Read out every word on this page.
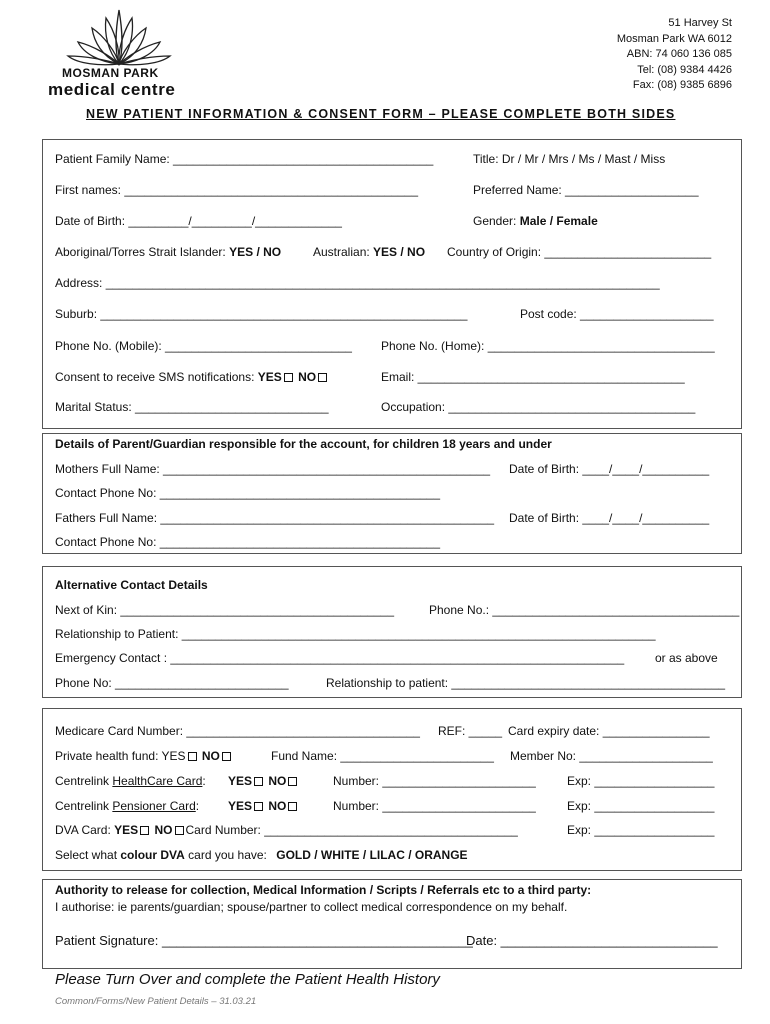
MOSMAN PARK
medical centre
51 Harvey St
Mosman Park WA 6012
ABN: 74 060 136 085
Tel: (08) 9384 4426
Fax: (08) 9385 6896
NEW PATIENT INFORMATION & CONSENT FORM – PLEASE COMPLETE BOTH SIDES
Patient Family Name: _______________________________________	Title: Dr / Mr / Mrs / Ms / Mast / Miss
First names: ____________________________________________	Preferred Name: ____________________
Date of Birth: _________/_________/_____________	Gender: Male / Female
Aboriginal/Torres Strait Islander: YES / NO	Australian: YES / NO Country of Origin: _________________________
Address: ___________________________________________________________________________________
Suburb: _______________________________________________________	Post code: ____________________
Phone No. (Mobile): ____________________________ Phone No. (Home): __________________________________
Consent to receive SMS notifications: YES NO	Email: ________________________________________
Marital Status: _____________________________	Occupation: _____________________________________
Details of Parent/Guardian responsible for the account, for children 18 years and under
Mothers Full Name: _________________________________________________ Date of Birth: ____/____/__________
Contact Phone No: __________________________________________
Fathers Full Name: __________________________________________________ Date of Birth: ____/____/__________
Contact Phone No: __________________________________________
Alternative Contact Details
Next of Kin: _________________________________________	Phone No.: _____________________________________
Relationship to Patient: _______________________________________________________________________
Emergency Contact : ____________________________________________________________________	or as above
Phone No: __________________________	Relationship to patient: _________________________________________
Medicare Card Number: ___________________________________ REF: _____ Card expiry date: ________________
Private health fund: YES NO	Fund Name: _______________________ Member No: ____________________
Centrelink HealthCare Card: YES NO	Number: _______________________	Exp: __________________
Centrelink Pensioner Card: YES NO	Number: _______________________	Exp: __________________
DVA Card: YES NO Card Number: ______________________________________	Exp: __________________
Select what colour DVA card you have: GOLD / WHITE / LILAC / ORANGE
Authority to release for collection, Medical Information / Scripts / Referrals etc to a third party:
I authorise: ie parents/guardian; spouse/partner to collect medical correspondence on my behalf.
Patient Signature: ___________________________________________
Date: ______________________________
Please Turn Over and complete the Patient Health History
Common/Forms/New Patient Details – 31.03.21
